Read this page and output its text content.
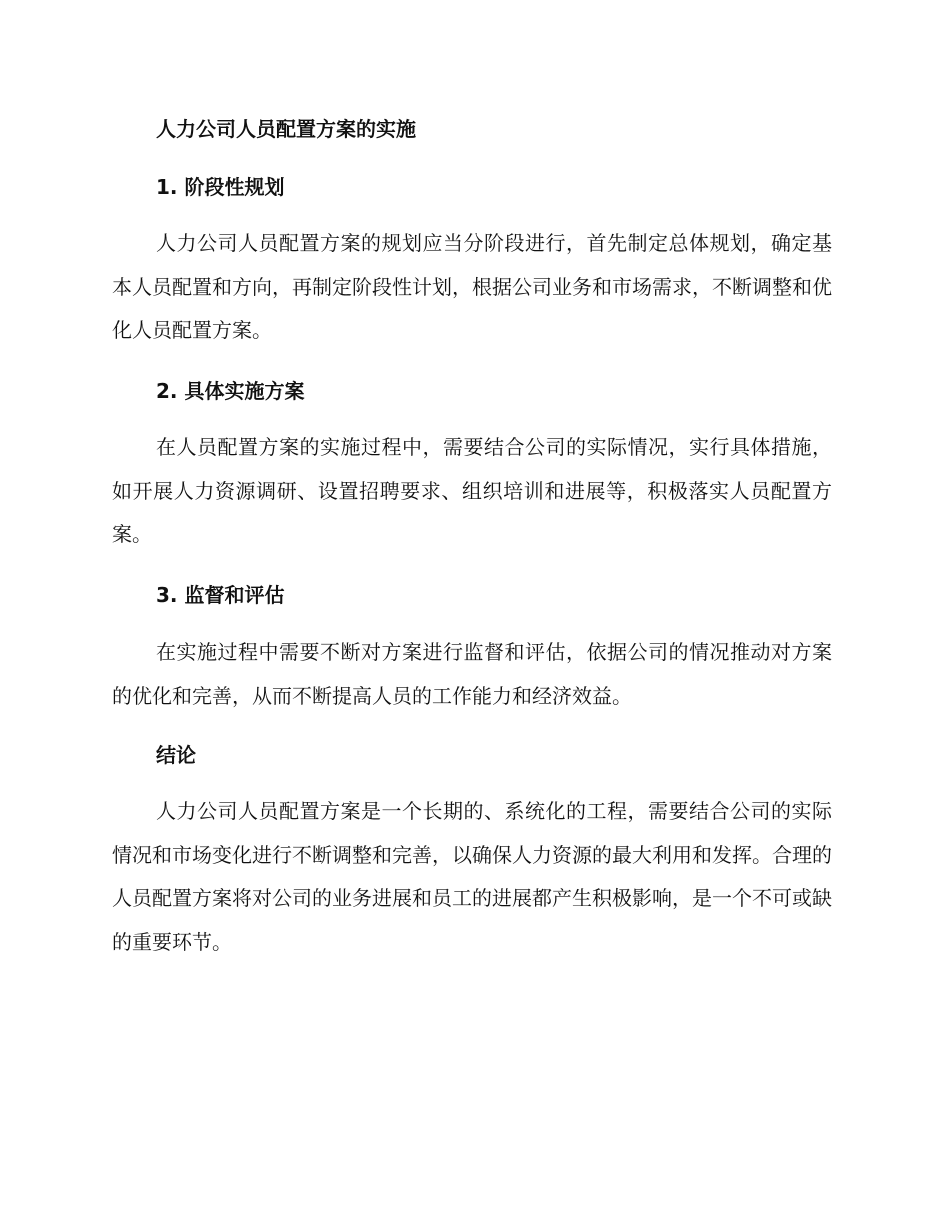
人力公司人员配置方案的实施
1. 阶段性规划

人力公司人员配置方案的规划应当分阶段进行，首先制定总体规划，确定基本人员配置和方向，再制定阶段性计划，根据公司业务和市场需求，不断调整和优化人员配置方案。

2. 具体实施方案

在人员配置方案的实施过程中，需要结合公司的实际情况，实行具体措施，如开展人力资源调研、设置招聘要求、组织培训和进展等，积极落实人员配置方案。

3. 监督和评估

在实施过程中需要不断对方案进行监督和评估，依据公司的情况推动对方案的优化和完善，从而不断提高人员的工作能力和经济效益。

结论

人力公司人员配置方案是一个长期的、系统化的工程，需要结合公司的实际情况和市场变化进行不断调整和完善，以确保人力资源的最大利用和发挥。合理的人员配置方案将对公司的业务进展和员工的进展都产生积极影响，是一个不可或缺的重要环节。
